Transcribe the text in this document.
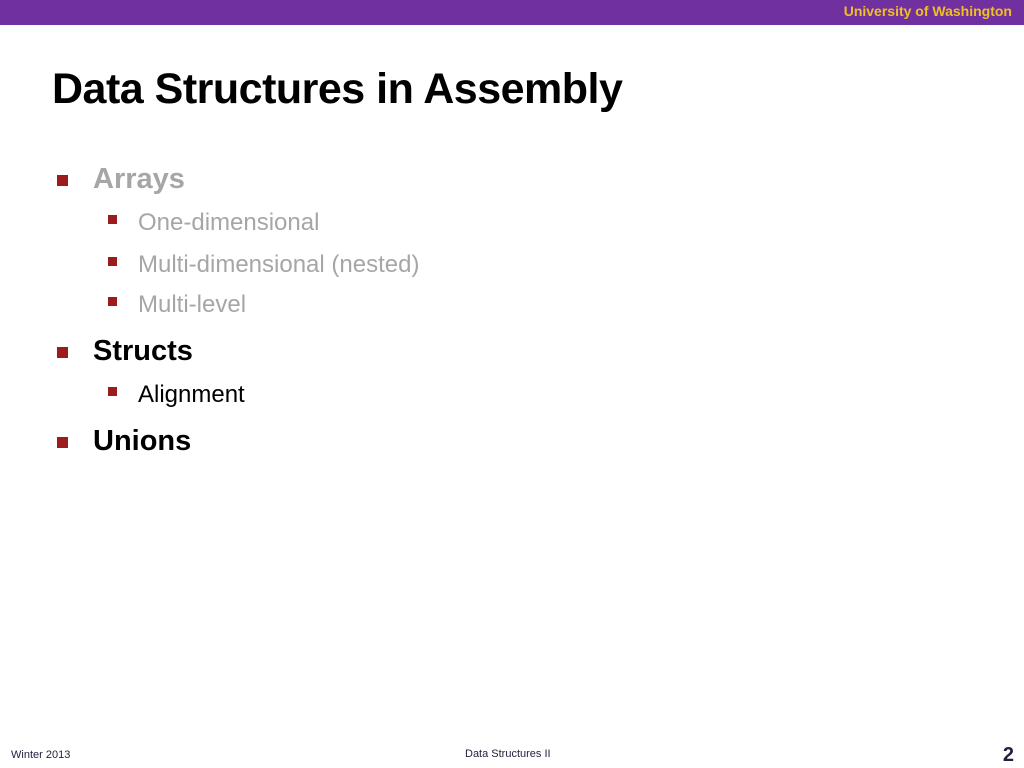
University of Washington
Data Structures in Assembly
Arrays
One-dimensional
Multi-dimensional (nested)
Multi-level
Structs
Alignment
Unions
Winter 2013	Data Structures II	2
